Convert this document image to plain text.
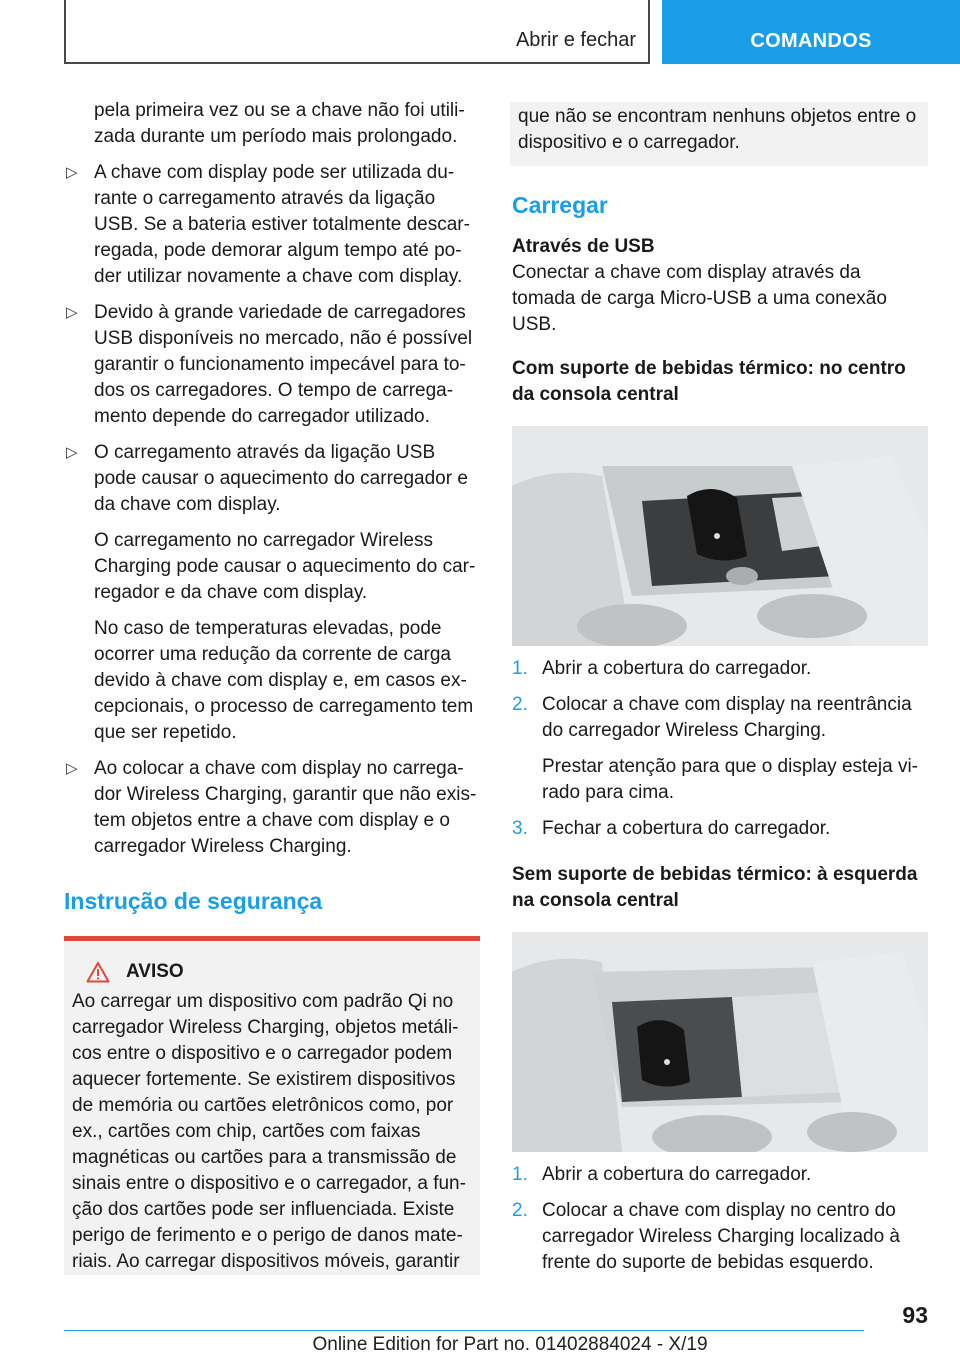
Abrir e fechar	COMANDOS

pela primeira vez ou se a chave não foi utili-zada durante um período mais prolongado.

▷ A chave com display pode ser utilizada du-rante o carregamento através da ligação USB. Se a bateria estiver totalmente descar-regada, pode demorar algum tempo até po-der utilizar novamente a chave com display.

▷ Devido à grande variedade de carregadores USB disponíveis no mercado, não é possível garantir o funcionamento impecável para to-dos os carregadores. O tempo de carrega-mento depende do carregador utilizado.

▷ O carregamento através da ligação USB pode causar o aquecimento do carregador e da chave com display.

O carregamento no carregador Wireless Charging pode causar o aquecimento do car-regador e da chave com display.

No caso de temperaturas elevadas, pode ocorrer uma redução da corrente de carga devido à chave com display e, em casos ex-cepcionais, o processo de carregamento tem que ser repetido.

▷ Ao colocar a chave com display no carrega-dor Wireless Charging, garantir que não exis-tem objetos entre a chave com display e o carregador Wireless Charging.

Instrução de segurança

AVISO

Ao carregar um dispositivo com padrão Qi no carregador Wireless Charging, objetos metáli-cos entre o dispositivo e o carregador podem aquecer fortemente. Se existirem dispositivos de memória ou cartões eletrônicos como, por ex., cartões com chip, cartões com faixas magnéticas ou cartões para a transmissão de sinais entre o dispositivo e o carregador, a fun-ção dos cartões pode ser influenciada. Existe perigo de ferimento e o perigo de danos mate-riais. Ao carregar dispositivos móveis, garantir

que não se encontram nenhuns objetos entre o dispositivo e o carregador.

Carregar

Através de USB

Conectar a chave com display através da tomada de carga Micro-USB a uma conexão USB.

Com suporte de bebidas térmico: no centro da consola central

1. Abrir a cobertura do carregador.

2. Colocar a chave com display na reentrância do carregador Wireless Charging.

Prestar atenção para que o display esteja vi-rado para cima.

3. Fechar a cobertura do carregador.

Sem suporte de bebidas térmico: à esquerda na consola central

1. Abrir a cobertura do carregador.

2. Colocar a chave com display no centro do carregador Wireless Charging localizado à frente do suporte de bebidas esquerdo.

93
Online Edition for Part no. 01402884024 - X/19
